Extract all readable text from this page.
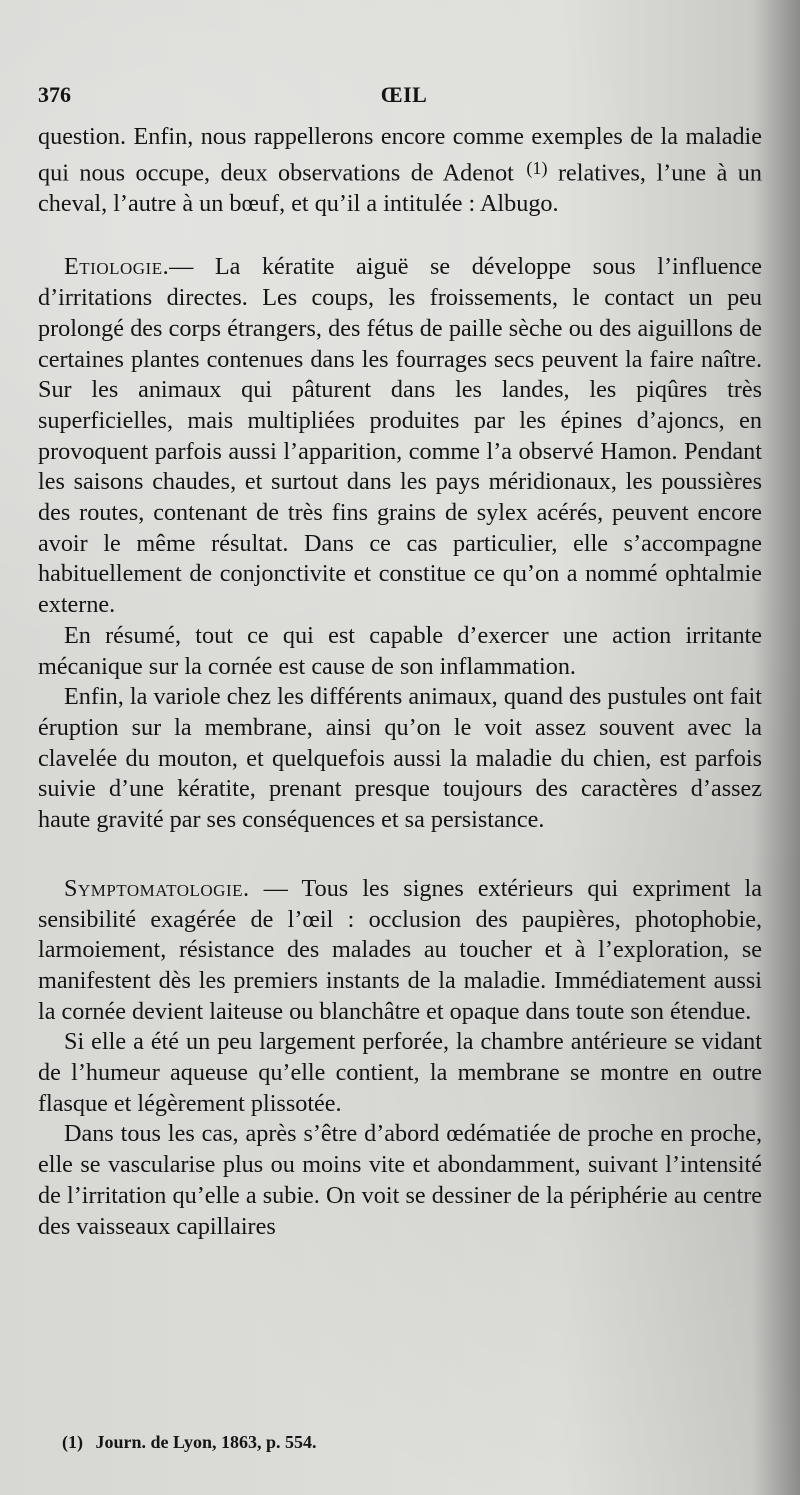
376	ŒIL

question. Enfin, nous rappellerons encore comme exemples de la maladie qui nous occupe, deux observations de Adenot $^{(1)}$ relatives, l’une à un cheval, l’autre à un bœuf, et qu’il a intitulée : Albugo.

Etiologie.— La kératite aiguë se développe sous l’influence d’irritations directes. Les coups, les froissements, le contact un peu prolongé des corps étrangers, des fétus de paille sèche ou des aiguillons de certaines plantes contenues dans les fourrages secs peuvent la faire naître. Sur les animaux qui pâturent dans les landes, les piqûres très superficielles, mais multipliées produites par les épines d’ajoncs, en provoquent parfois aussi l’apparition, comme l’a observé Hamon. Pendant les saisons chaudes, et surtout dans les pays méridionaux, les poussières des routes, contenant de très fins grains de sylex acérés, peuvent encore avoir le même résultat. Dans ce cas particulier, elle s’accompagne habituellement de conjonctivite et constitue ce qu’on a nommé ophtalmie externe.

En résumé, tout ce qui est capable d’exercer une action irritante mécanique sur la cornée est cause de son inflammation.

Enfin, la variole chez les différents animaux, quand des pustules ont fait éruption sur la membrane, ainsi qu’on le voit assez souvent avec la clavelée du mouton, et quelquefois aussi la maladie du chien, est parfois suivie d’une kératite, prenant presque toujours des caractères d’assez haute gravité par ses conséquences et sa persistance.

Symptomatologie. — Tous les signes extérieurs qui expriment la sensibilité exagérée de l’œil : occlusion des paupières, photophobie, larmoiement, résistance des malades au toucher et à l’exploration, se manifestent dès les premiers instants de la maladie. Immédiatement aussi la cornée devient laiteuse ou blanchâtre et opaque dans toute son étendue.

Si elle a été un peu largement perforée, la chambre antérieure se vidant de l’humeur aqueuse qu’elle contient, la membrane se montre en outre flasque et légèrement plissotée.

Dans tous les cas, après s’être d’abord œdématiée de proche en proche, elle se vascularise plus ou moins vite et abondamment, suivant l’intensité de l’irritation qu’elle a subie. On voit se dessiner de la périphérie au centre des vaisseaux capillaires

(1) Journ. de Lyon, 1863, p. 554.
